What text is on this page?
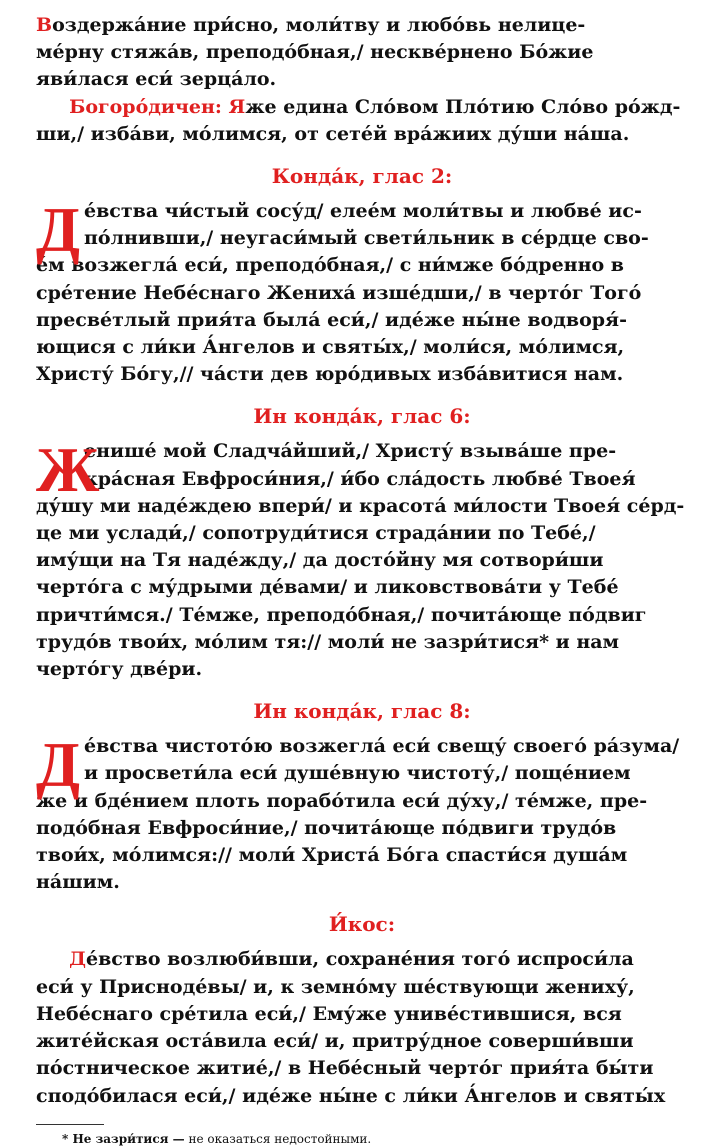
Воздержа́ние при́сно, моли́тву и любо́вь нелице-
ме́рну стяжа́в, преподо́бная,/ нескве́рнено Бо́жие
яви́лася еси́ зерца́ло.
Богоро́дичен: Яже едина Сло́вом Пло́тию Сло́во ро́жд-
ши,/ изба́ви, мо́лимся, от сете́й вра́жиих ду́ши на́ша.
Конда́к, глас 2:
Д е́вства чи́стый сосу́д/ елее́м моли́твы и любве́ ис-
по́лнивши,/ неугаси́мый свети́льник в се́рдце сво-
е́м возжегла́ еси́, преподо́бная,/ с ни́мже бо́дренно в
сре́тение Небе́снаго Жениха́ изше́дши,/ в черто́г Того́
пресве́тлый прия́та была́ еси́,/ иде́же ны́не водворя́-
ющися с ли́ки А́нгелов и святы́х,/ моли́ся, мо́лимся,
Христу́ Бо́гу,// ча́сти дев юро́дивых изба́витися нам.
Ин конда́к, глас 6:
Ж
енише́ мой Сладча́йший,/ Христу́ взыва́ше пре-
кра́сная Евфроси́ния,/ и́бо сла́дость любве́ Твоея́
ду́шу ми наде́ждею впери́/ и красота́ ми́лости Твоея́ се́рд-
це ми услади́,/ сопотруди́тися страда́нии по Тебе́,/
иму́щи на Тя наде́жду,/ да досто́йну мя сотвори́ши
черто́га с му́дрыми де́вами/ и ликовствова́ти у Тебе́
причти́мся./ Те́мже, преподо́бная,/ почита́юще по́двиг
трудо́в твои́х, мо́лим тя:// моли́ не зазри́тися* и нам
черто́гу две́ри.
Ин конда́к, глас 8:
Д е́вства чистото́ю возжегла́ еси́ свещу́ своего́ ра́зума/
и просвети́ла еси́ душе́вную чистоту́,/ поще́нием
же и бде́нием плоть порабо́тила еси́ ду́ху,/ те́мже, пре-
подо́бная Евфроси́ние,/ почита́юще по́двиги трудо́в
твои́х, мо́лимся:// моли́ Христа́ Бо́га спасти́ся душа́м
на́шим.
И́кос:
Де́вство возлюби́вши, сохране́ния того́ испроси́ла
еси́ у Присноде́вы/ и, к земно́му ше́ствующи жениху́,
Небе́снаго сре́тила еси́,/ Ему́же униве́стившися, вся
жите́йская оста́вила еси́/ и, притру́дное соверши́вши
по́стническое житие́,/ в Небе́сный черто́г прия́та бы́ти
сподо́билася еси́,/ иде́же ны́не с ли́ки А́нгелов и святы́х
* Не зазри́тися — не оказаться недостойными.
